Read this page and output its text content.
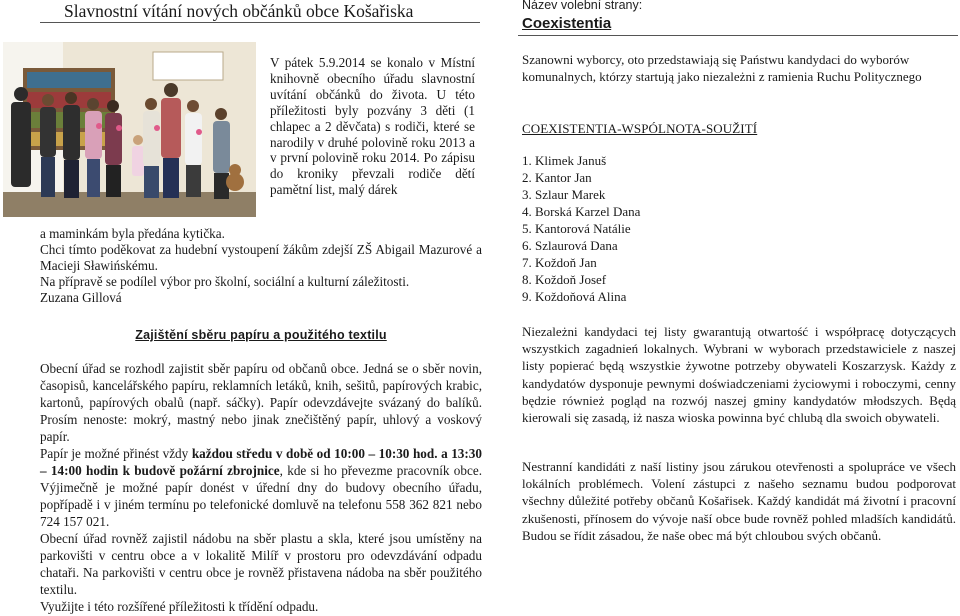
Slavnostní vítání nových občánků obce Košařiska

V pátek 5.9.2014 se konalo v Místní knihovně obecního úřadu slavnostní uvítání občánků do života. U této příležitosti byly pozvány 3 děti (1 chlapec a 2 děvčata) s rodiči, které se narodily v druhé polovině roku 2013 a v první polovině roku 2014. Po zápisu do kroniky převzali rodiče dětí pamětní list, malý dárek

a maminkám byla předána kytička.

Chci tímto poděkovat za hudební vystoupení žákům zdejší ZŠ Abigail Mazurové a Macieji Sławińskému.

Na přípravě se podílel výbor pro školní, sociální a kulturní záležitosti.

Zuzana Gillová

Zajištění sběru papíru a použitého textilu

Obecní úřad se rozhodl zajistit sběr papíru od občanů obce. Jedná se o sběr novin, časopisů, kancelářského papíru, reklamních letáků, knih, sešitů, papírových krabic, kartonů, papírových obalů (např. sáčky). Papír odevzdávejte svázaný do balíků. Prosím nenoste: mokrý, mastný nebo jinak znečištěný papír, uhlový a voskový papír.

Papír je možné přinést vždy každou středu v době od 10:00 – 10:30 hod. a 13:30 – 14:00 hodin k budově požární zbrojnice, kde si ho převezme pracovník obce. Výjimečně je možné papír donést v úřední dny do budovy obecního úřadu, popřípadě i v jiném termínu po telefonické domluvě na telefonu 558 362 821 nebo 724 157 021.

Obecní úřad rovněž zajistil nádobu na sběr plastu a skla, které jsou umístěny na parkovišti v centru obce a v lokalitě Milíř v prostoru pro odevzdávání odpadu chataři. Na parkovišti v centru obce je rovněž přistavena nádoba na sběr použitého textilu.

Využijte i této rozšířené příležitosti k třídění odpadu.

Název volební strany:
Coexistentia

Szanowni wyborcy, oto przedstawiają się Państwu kandydaci do wyborów komunalnych, którzy startują jako niezależni z ramienia Ruchu Politycznego

COEXISTENTIA-WSPÓLNOTA-SOUŽITÍ
1. Klimek Januš
2. Kantor Jan
3. Szlaur Marek
4. Borská Karzel Dana
5. Kantorová Natálie
6. Szlaurová Dana
7. Koždoň Jan
8. Koždoň Josef
9. Koždoňová Alina

Niezależni kandydaci tej listy gwarantują otwartość i współpracę dotyczących wszystkich zagadnień lokalnych. Wybrani w wyborach przedstawiciele z naszej listy popierać będą wszystkie żywotne potrzeby obywateli Koszarzysk. Każdy z kandydatów dysponuje pewnymi doświadczeniami życiowymi i roboczymi, cenny będzie również pogląd na rozwój naszej gminy kandydatów młodszych. Będą kierowali się zasadą, iż nasza wioska powinna być chlubą dla swoich obywateli.

Nestranní kandidáti z naší listiny jsou zárukou otevřenosti a spolupráce ve všech lokálních problémech. Volení zástupci z našeho seznamu budou podporovat všechny důležité potřeby občanů Košařisek. Každý kandidát má životní i pracovní zkušenosti, přínosem do vývoje naší obce bude rovněž pohled mladších kandidátů. Budou se řídit zásadou, že naše obec má být chloubou svých občanů.
